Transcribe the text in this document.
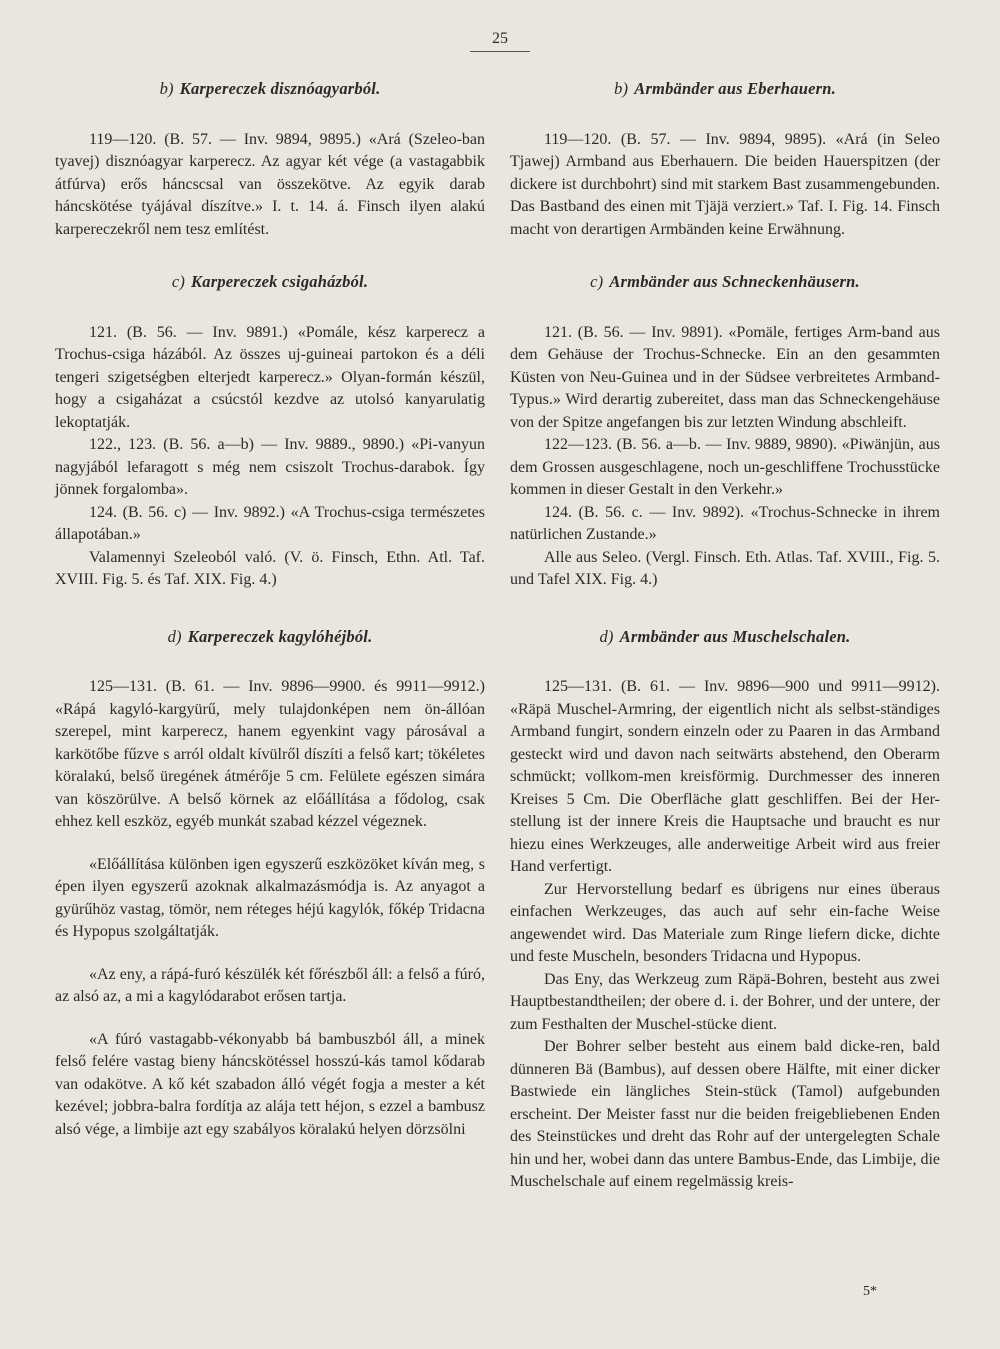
25
b) Karpereczek disznóagyarból.

119—120. (B. 57. — Inv. 9894, 9895.) «Ará (Szeleo-ban tyavej) disznóagyar karperecz. Az agyar két vége (a vastagabbik átfúrva) erős háncscsal van összekötve. Az egyik darab háncskötése tyájával díszítve.» I. t. 14. á. Finsch ilyen alakú karpereczekről nem tesz említést.

c) Karpereczek csigaházból.

121. (B. 56. — Inv. 9891.) «Pomále, kész karperecz a Trochus-csiga házából. Az összes uj-guineai partokon és a déli tengeri szigetségben elterjedt karperecz.» Olyan-formán készül, hogy a csigaházat a csúcstól kezdve az utolsó kanyarulatig lekoptatják.

122., 123. (B. 56. a—b) — Inv. 9889., 9890.) «Pi-vanyun nagyjából lefaragott s még nem csiszolt Trochus-darabok. Így jönnek forgalomba».

124. (B. 56. c) — Inv. 9892.) «A Trochus-csiga természetes állapotában.»

Valamennyi Szeleoból való. (V. ö. Finsch, Ethn. Atl. Taf. XVIII. Fig. 5. és Taf. XIX. Fig. 4.)

d) Karpereczek kagylóhéjból.

125—131. (B. 61. — Inv. 9896—9900. és 9911—9912.) «Rápá kagyló-kargyürű, mely tulajdonképen nem ön-állóan szerepel, mint karperecz, hanem egyenkint vagy párosával a karkötőbe fűzve s arról oldalt kívülről díszíti a felső kart; tökéletes köralakú, belső üregének átmérője 5 cm. Felülete egészen simára van köszörülve. A belső körnek az előállítása a fődolog, csak ehhez kell eszköz, egyéb munkát szabad kézzel végeznek.

«Előállítása különben igen egyszerű eszközöket kíván meg, s épen ilyen egyszerű azoknak alkalmazásmódja is. Az anyagot a gyürűhöz vastag, tömör, nem réteges héjú kagylók, főkép Tridacna és Hypopus szolgáltatják.

«Az eny, a rápá-furó készülék két főrészből áll: a felső a fúró, az alsó az, a mi a kagylódarabot erősen tartja.

«A fúró vastagabb-vékonyabb bá bambuszból áll, a minek felső felére vastag bieny háncskötéssel hosszú-kás tamol kődarab van odakötve. A kő két szabadon álló végét fogja a mester a két kezével; jobbra-balra fordítja az alája tett héjon, s ezzel a bambusz alsó vége, a limbije azt egy szabályos köralakú helyen dörzsölni

b) Armbänder aus Eberhauern.

119—120. (B. 57. — Inv. 9894, 9895). «Ará (in Seleo Tjawej) Armband aus Eberhauern. Die beiden Hauerspitzen (der dickere ist durchbohrt) sind mit starkem Bast zusammengebunden. Das Bastband des einen mit Tjäjä verziert.» Taf. I. Fig. 14. Finsch macht von derartigen Armbänden keine Erwähnung.

c) Armbänder aus Schneckenhäusern.

121. (B. 56. — Inv. 9891). «Pomäle, fertiges Arm-band aus dem Gehäuse der Trochus-Schnecke. Ein an den gesammten Küsten von Neu-Guinea und in der Südsee verbreitetes Armband-Typus.» Wird derartig zubereitet, dass man das Schneckengehäuse von der Spitze angefangen bis zur letzten Windung abschleift.

122—123. (B. 56. a—b. — Inv. 9889, 9890). «Piwänjün, aus dem Grossen ausgeschlagene, noch un-geschliffene Trochusstücke kommen in dieser Gestalt in den Verkehr.»

124. (B. 56. c. — Inv. 9892). «Trochus-Schnecke in ihrem natürlichen Zustande.»

Alle aus Seleo. (Vergl. Finsch. Eth. Atlas. Taf. XVIII., Fig. 5. und Tafel XIX. Fig. 4.)

d) Armbänder aus Muschelschalen.

125—131. (B. 61. — Inv. 9896—900 und 9911—9912). «Räpä Muschel-Armring, der eigentlich nicht als selbst-ständiges Armband fungirt, sondern einzeln oder zu Paaren in das Armband gesteckt wird und davon nach seitwärts abstehend, den Oberarm schmückt; vollkom-men kreisförmig. Durchmesser des inneren Kreises 5 Cm. Die Oberfläche glatt geschliffen. Bei der Her-stellung ist der innere Kreis die Hauptsache und braucht es nur hiezu eines Werkzeuges, alle anderweitige Arbeit wird aus freier Hand verfertigt.

Zur Hervorstellung bedarf es übrigens nur eines überaus einfachen Werkzeuges, das auch auf sehr ein-fache Weise angewendet wird. Das Materiale zum Ringe liefern dicke, dichte und feste Muscheln, besonders Tridacna und Hypopus.

Das Eny, das Werkzeug zum Räpä-Bohren, besteht aus zwei Hauptbestandtheilen; der obere d. i. der Bohrer, und der untere, der zum Festhalten der Muschel-stücke dient.

Der Bohrer selber besteht aus einem bald dicke-ren, bald dünneren Bä (Bambus), auf dessen obere Hälfte, mit einer dicker Bastwiede ein längliches Stein-stück (Tamol) aufgebunden erscheint. Der Meister fasst nur die beiden freigebliebenen Enden des Steinstückes und dreht das Rohr auf der untergelegten Schale hin und her, wobei dann das untere Bambus-Ende, das Limbije, die Muschelschale auf einem regelmässig kreis-

5*
